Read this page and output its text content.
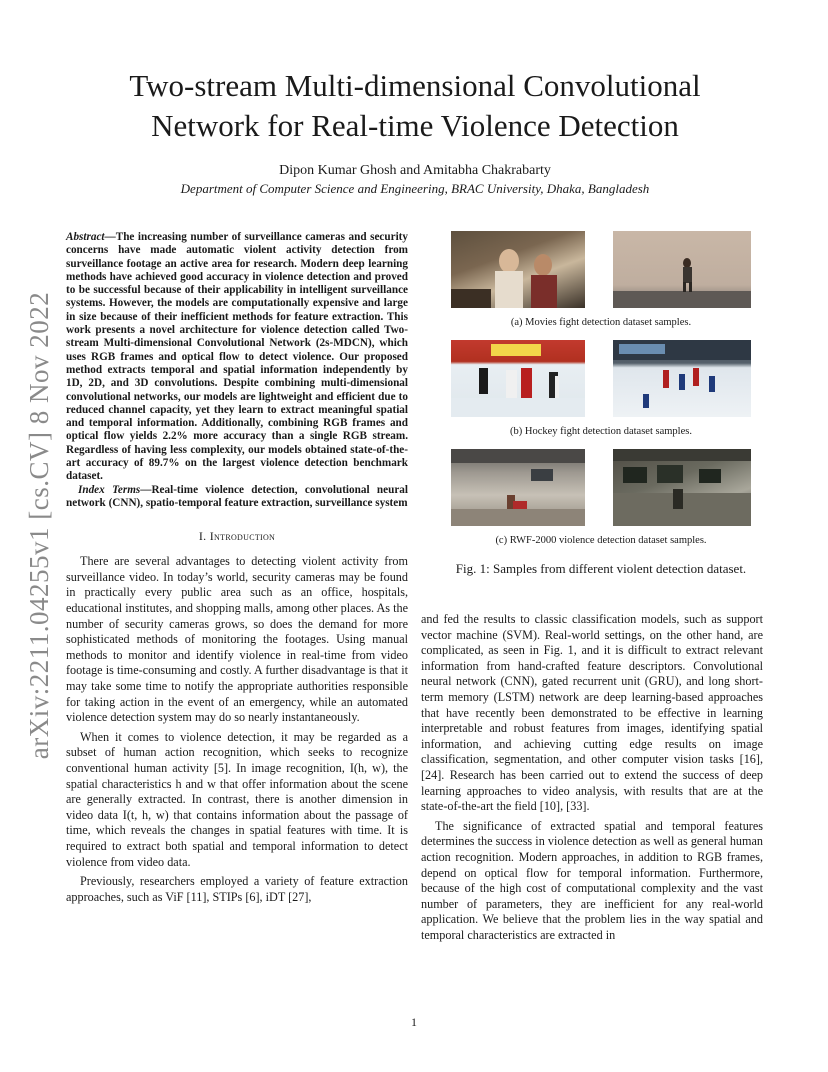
arXiv:2211.04255v1 [cs.CV] 8 Nov 2022
Two-stream Multi-dimensional Convolutional
Network for Real-time Violence Detection
Dipon Kumar Ghosh and Amitabha Chakrabarty
Department of Computer Science and Engineering, BRAC University, Dhaka, Bangladesh

Abstract—The increasing number of surveillance cameras and security concerns have made automatic violent activity detection from surveillance footage an active area for research. Modern deep learning methods have achieved good accuracy in violence detection and proved to be successful because of their applicability in intelligent surveillance systems. However, the models are computationally expensive and large in size because of their inefficient methods for feature extraction. This work presents a novel architecture for violence detection called Two-stream Multi-dimensional Convolutional Network (2s-MDCN), which uses RGB frames and optical flow to detect violence. Our proposed method extracts temporal and spatial information independently by 1D, 2D, and 3D convolutions. Despite combining multi-dimensional convolutional networks, our models are lightweight and efficient due to reduced channel capacity, yet they learn to extract meaningful spatial and temporal information. Additionally, combining RGB frames and optical flow yields 2.2% more accuracy than a single RGB stream. Regardless of having less complexity, our models obtained state-of-the-art accuracy of 89.7% on the largest violence detection benchmark dataset.

Index Terms—Real-time violence detection, convolutional neural network (CNN), spatio-temporal feature extraction, surveillance system

I. Introduction

There are several advantages to detecting violent activity from surveillance video. In today’s world, security cameras may be found in practically every public area such as an office, hospitals, educational institutes, and shopping malls, among other places. As the number of security cameras grows, so does the demand for more sophisticated methods of monitoring the footages. Using manual methods to monitor and identify violence in real-time from video footage is time-consuming and costly. A further disadvantage is that it may take some time to notify the appropriate authorities responsible for taking action in the event of an emergency, while an automated violence detection system may do so nearly instantaneously.

When it comes to violence detection, it may be regarded as a subset of human action recognition, which seeks to recognize conventional human activity [5]. In image recognition, I(h, w), the spatial characteristics h and w that offer information about the scene are generally extracted. In contrast, there is another dimension in video data I(t, h, w) that contains information about the passage of time, which reveals the changes in spatial features with time. It is required to extract both spatial and temporal information to detect violence from video data.

Previously, researchers employed a variety of feature extraction approaches, such as ViF [11], STIPs [6], iDT [27],

(a) Movies fight detection dataset samples.
(b) Hockey fight detection dataset samples.
(c) RWF-2000 violence detection dataset samples.
Fig. 1: Samples from different violent detection dataset.

and fed the results to classic classification models, such as support vector machine (SVM). Real-world settings, on the other hand, are complicated, as seen in Fig. 1, and it is difficult to extract relevant information from hand-crafted feature descriptors. Convolutional neural network (CNN), gated recurrent unit (GRU), and long short-term memory (LSTM) network are deep learning-based approaches that have recently been demonstrated to be effective in learning interpretable and robust features from images, identifying spatial information, and achieving cutting edge results on image classification, segmentation, and other computer vision tasks [16], [24]. Research has been carried out to extend the success of deep learning approaches to video analysis, with results that are at the state-of-the-art the field [10], [33].

The significance of extracted spatial and temporal features determines the success in violence detection as well as general human action recognition. Modern approaches, in addition to RGB frames, depend on optical flow for temporal information. Furthermore, because of the high cost of computational complexity and the vast number of parameters, they are inefficient for any real-world application. We believe that the problem lies in the way spatial and temporal characteristics are extracted in

1
